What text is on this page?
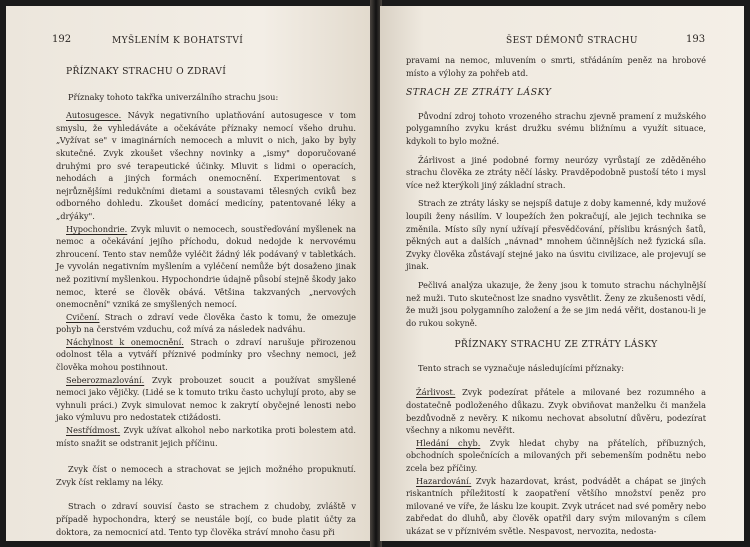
192	MYŠLENÍM K BOHATSTVÍ
PŘÍZNAKY STRACHU O ZDRAVÍ

Příznaky tohoto takřka univerzálního strachu jsou:

Autosugesce. Návyk negativního uplatňování autosugesce v tom smyslu, že vyhledáváte a očekáváte příznaky nemocí všeho druhu. „Vyžívat se" v imaginárních nemocech a mluvit o nich, jako by byly skutečné. Zvyk zkoušet všechny novinky a „ismy" doporučované druhými pro své terapeutické účinky. Mluvit s lidmi o operacích, nehodách a jiných formách onemocnění. Experimentovat s nejrůznějšími redukčními dietami a soustavami tělesných cviků bez odborného dohledu. Zkoušet domácí medicíny, patentované léky a „drýáky".

Hypochondrie. Zvyk mluvit o nemocech, soustřeďování myšlenek na nemoc a očekávání jejího příchodu, dokud nedojde k nervovému zhroucení. Tento stav nemůže vyléčit žádný lék podávaný v tabletkách. Je vyvolán negativním myšlením a vyléčení nemůže být dosaženo jinak než pozitivní myšlenkou. Hypochondrie údajně působí stejně škody jako nemoc, které se člověk obává. Většina takzvaných „nervových onemocnění" vzniká ze smyšlených nemocí.

Cvičení. Strach o zdraví vede člověka často k tomu, že omezuje pohyb na čerstvém vzduchu, což mívá za následek nadváhu.

Náchylnost k onemocnění. Strach o zdraví narušuje přirozenou odolnost těla a vytváří příznivé podmínky pro všechny nemoci, jež člověka mohou postihnout.

Seberozmazlování. Zvyk probouzet soucit a používat smyšlené nemoci jako vějičky. (Lidé se k tomuto triku často uchylují proto, aby se vyhnuli práci.) Zvyk simulovat nemoc k zakrytí obyčejné lenosti nebo jako výmluvu pro nedostatek ctižádosti.

Nestřídmost. Zvyk užívat alkohol nebo narkotika proti bolestem atd. místo snažit se odstranit jejich příčinu.

Zvyk číst o nemocech a strachovat se jejich možného propuknutí. Zvyk číst reklamy na léky.

Strach o zdraví souvisí často se strachem z chudoby, zvláště v případě hypochondra, který se neustále bojí, co bude platit účty za doktora, za nemocnicí atd. Tento typ člověka stráví mnoho času při

ŠEST DÉMONŮ STRACHU	193

pravami na nemoc, mluvením o smrti, střádáním peněz na hrobové místo a výlohy za pohřeb atd.

STRACH ZE ZTRÁTY LÁSKY

Původní zdroj tohoto vrozeného strachu zjevně pramení z mužského polygamního zvyku krást družku svému bližnímu a využít situace, kdykoli to bylo možné.

Žárlivost a jiné podobné formy neurózy vyrůstají ze zděděného strachu člověka ze ztráty něčí lásky. Pravděpodobně pustoší této i mysl více než kterýkoli jiný základní strach.

Strach ze ztráty lásky se nejspíš datuje z doby kamenné, kdy mužové loupili ženy násilím. V loupežích žen pokračují, ale jejich technika se změnila. Místo síly nyní užívají přesvědčování, příslibu krásných šatů, pěkných aut a dalších „návnad" mnohem účinnějších než fyzická síla. Zvyky člověka zůstávají stejné jako na úsvitu civilizace, ale projevují se jinak.

Pečlivá analýza ukazuje, že ženy jsou k tomuto strachu náchylnější než muži. Tuto skutečnost lze snadno vysvětlit. Ženy ze zkušenosti vědí, že muži jsou polygamního založení a že se jim nedá věřit, dostanou-li je do rukou sokyně.

PŘÍZNAKY STRACHU ZE ZTRÁTY LÁSKY

Tento strach se vyznačuje následujícími příznaky:

Žárlivost. Zvyk podezírat přátele a milované bez rozumného a dostatečně podloženého důkazu. Zvyk obviňovat manželku či manžela bezdůvodně z nevěry. K nikomu nechovat absolutní důvěru, podezírat všechny a nikomu nevěřit.

Hledání chyb. Zvyk hledat chyby na přátelích, příbuzných, obchodních společnících a milovaných při sebemenším podnětu nebo zcela bez příčiny.

Hazardování. Zvyk hazardovat, krást, podvádět a chápat se jiných riskantních příležitostí k zaopatření většího množství peněz pro milované ve víře, že lásku lze koupit. Zvyk utrácet nad své poměry nebo zabředat do dluhů, aby člověk opatřil dary svým milovaným s cílem ukázat se v příznivém světle. Nespavost, nervozita, nedosta-
